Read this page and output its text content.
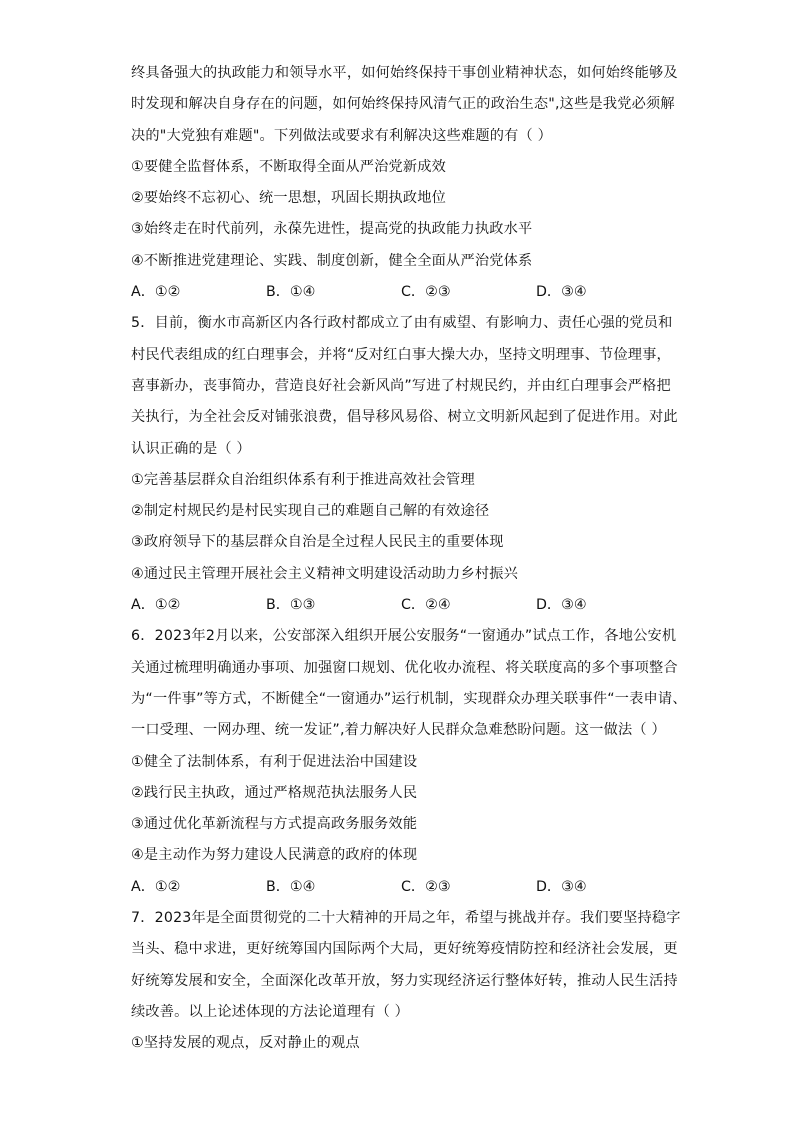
终具备强大的执政能力和领导水平，如何始终保持干事创业精神状态，如何始终能够及
时发现和解决自身存在的问题，如何始终保持风清气正的政治生态",这些是我党必须解
决的"大党独有难题"。下列做法或要求有利解决这些难题的有（ ）
①要健全监督体系，不断取得全面从严治党新成效
②要始终不忘初心、统一思想，巩固长期执政地位
③始终走在时代前列，永葆先进性，提高党的执政能力执政水平
④不断推进党建理论、实践、制度创新，健全全面从严治党体系
A．①②	B．①④	C．②③	D．③④
5．目前，衡水市高新区内各行政村都成立了由有威望、有影响力、责任心强的党员和
村民代表组成的红白理事会，并将“反对红白事大操大办，坚持文明理事、节俭理事，
喜事新办，丧事简办，营造良好社会新风尚”写进了村规民约，并由红白理事会严格把
关执行，为全社会反对铺张浪费，倡导移风易俗、树立文明新风起到了促进作用。对此
认识正确的是（ ）
①完善基层群众自治组织体系有利于推进高效社会管理
②制定村规民约是村民实现自己的难题自己解的有效途径
③政府领导下的基层群众自治是全过程人民民主的重要体现
④通过民主管理开展社会主义精神文明建设活动助力乡村振兴
A．①②	B．①③	C．②④	D．③④
6．2023年2月以来，公安部深入组织开展公安服务“一窗通办”试点工作，各地公安机
关通过梳理明确通办事项、加强窗口规划、优化收办流程、将关联度高的多个事项整合
为“一件事”等方式，不断健全“一窗通办”运行机制，实现群众办理关联事件“一表申请、
一口受理、一网办理、统一发证”,着力解决好人民群众急难愁盼问题。这一做法（ ）
①健全了法制体系，有利于促进法治中国建设
②践行民主执政，通过严格规范执法服务人民
③通过优化革新流程与方式提高政务服务效能
④是主动作为努力建设人民满意的政府的体现
A．①②	B．①④	C．②③	D．③④
7．2023年是全面贯彻党的二十大精神的开局之年，希望与挑战并存。我们要坚持稳字
当头、稳中求进，更好统筹国内国际两个大局，更好统筹疫情防控和经济社会发展，更
好统筹发展和安全，全面深化改革开放，努力实现经济运行整体好转，推动人民生活持
续改善。以上论述体现的方法论道理有（ ）
①坚持发展的观点，反对静止的观点
